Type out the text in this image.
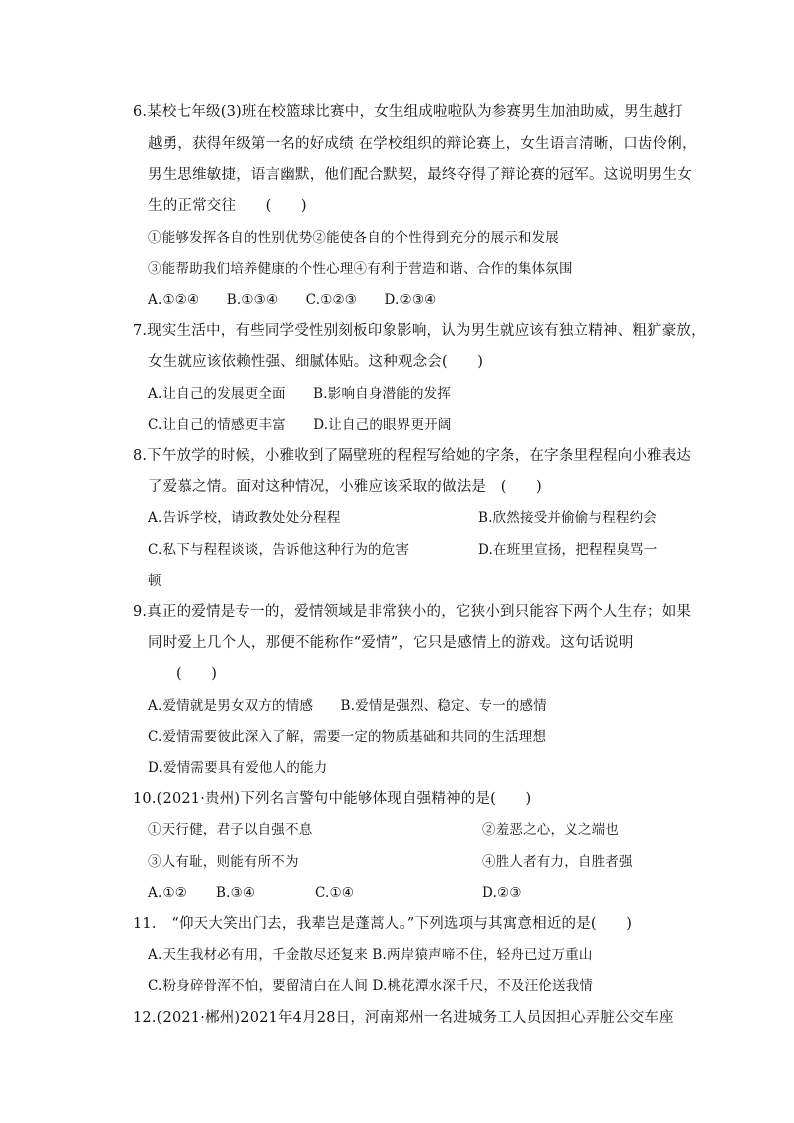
6.某校七年级(3)班在校篮球比赛中，女生组成啦啦队为参赛男生加油助威，男生越打
越勇，获得年级第一名的好成绩 在学校组织的辩论赛上，女生语言清晰，口齿伶俐，
男生思维敏捷，语言幽默，他们配合默契，最终夺得了辩论赛的冠军。这说明男生女
生的正常交往　　(　　)
①能够发挥各自的性别优势②能使各自的个性得到充分的展示和发展
③能帮助我们培养健康的个性心理④有利于营造和谐、合作的集体氛围
A.①②④　　B.①③④　　C.①②③　　D.②③④
7.现实生活中，有些同学受性别刻板印象影响，认为男生就应该有独立精神、粗犷豪放，
女生就应该依赖性强、细腻体贴。这种观念会(　　)
A.让自己的发展更全面　　B.影响自身潜能的发挥
C.让自己的情感更丰富　　D.让自己的眼界更开阔
8.下午放学的时候，小雅收到了隔壁班的程程写给她的字条，在字条里程程向小雅表达
了爱慕之情。面对这种情况，小雅应该采取的做法是　(　　)
A.告诉学校，请政教处处分程程	B.欣然接受并偷偷与程程约会
C.私下与程程谈谈，告诉他这种行为的危害	D.在班里宣扬，把程程臭骂一
顿
9.真正的爱情是专一的，爱情领域是非常狭小的，它狭小到只能容下两个人生存；如果
同时爱上几个人，那便不能称作“爱情”，它只是感情上的游戏。这句话说明
(　　)
A.爱情就是男女双方的情感　　B.爱情是强烈、稳定、专一的感情
C.爱情需要彼此深入了解，需要一定的物质基础和共同的生活理想
D.爱情需要具有爱他人的能力
10.(2021·贵州)下列名言警句中能够体现自强精神的是(　　)
①天行健，君子以自强不息	②羞恶之心，义之端也
③人有耻，则能有所不为	④胜人者有力，自胜者强
A.①② B.③④	C.①④	D.②③
11.　“仰天大笑出门去，我辈岂是蓬蒿人。”下列选项与其寓意相近的是(　　)
A.天生我材必有用，千金散尽还复来 B.两岸猿声啼不住，轻舟已过万重山
C.粉身碎骨浑不怕，要留清白在人间 D.桃花潭水深千尺，不及汪伦送我情
12.(2021·郴州)2021年4月28日，河南郑州一名进城务工人员因担心弄脏公交车座
